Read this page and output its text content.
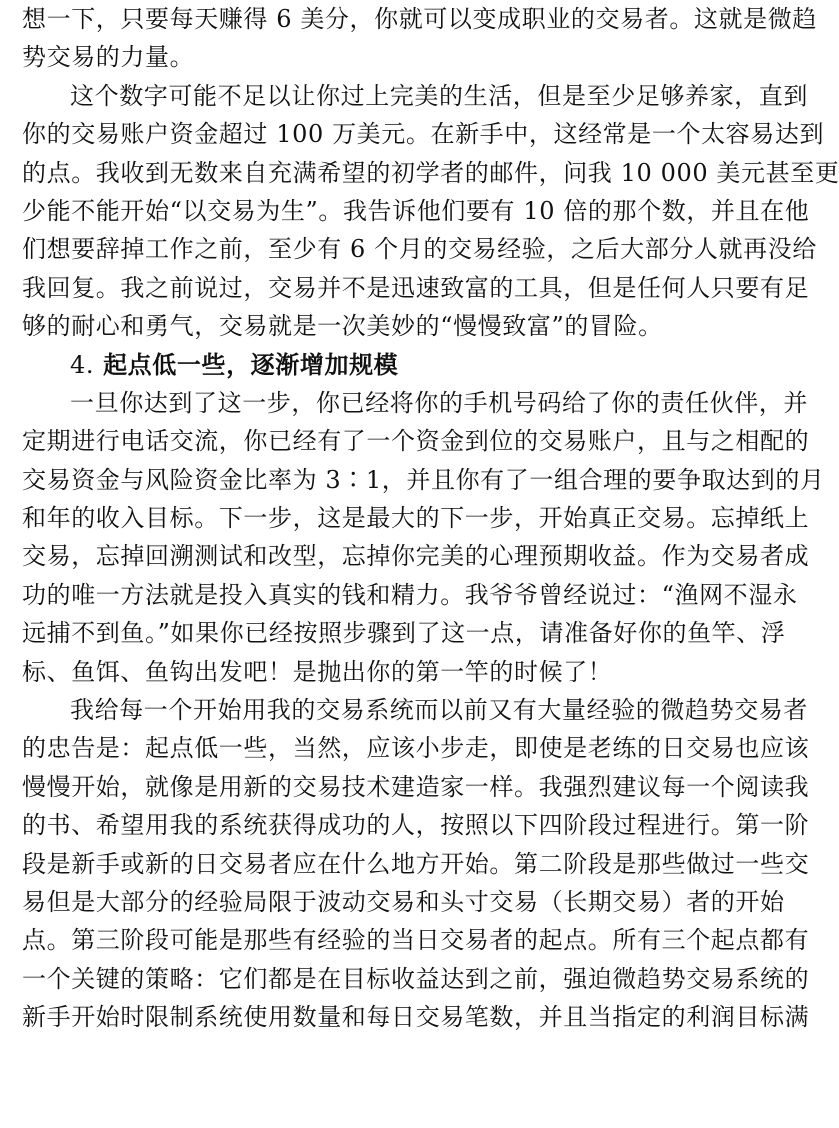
想一下，只要每天赚得 6 美分，你就可以变成职业的交易者。这就是微趋
势交易的力量。
这个数字可能不足以让你过上完美的生活，但是至少足够养家，直到
你的交易账户资金超过 100 万美元。在新手中，这经常是一个太容易达到
的点。我收到无数来自充满希望的初学者的邮件，问我 10 000 美元甚至更
少能不能开始“以交易为生”。我告诉他们要有 10 倍的那个数，并且在他
们想要辞掉工作之前，至少有 6 个月的交易经验，之后大部分人就再没给
我回复。我之前说过，交易并不是迅速致富的工具，但是任何人只要有足
够的耐心和勇气，交易就是一次美妙的“慢慢致富”的冒险。
4. 起点低一些，逐渐增加规模
一旦你达到了这一步，你已经将你的手机号码给了你的责任伙伴，并
定期进行电话交流，你已经有了一个资金到位的交易账户，且与之相配的
交易资金与风险资金比率为 3∶1，并且你有了一组合理的要争取达到的月
和年的收入目标。下一步，这是最大的下一步，开始真正交易。忘掉纸上
交易，忘掉回溯测试和改型，忘掉你完美的心理预期收益。作为交易者成
功的唯一方法就是投入真实的钱和精力。我爷爷曾经说过：“渔网不湿永
远捕不到鱼。”如果你已经按照步骤到了这一点，请准备好你的鱼竿、浮
标、鱼饵、鱼钩出发吧！是抛出你的第一竿的时候了！
我给每一个开始用我的交易系统而以前又有大量经验的微趋势交易者
的忠告是：起点低一些，当然，应该小步走，即使是老练的日交易也应该
慢慢开始，就像是用新的交易技术建造家一样。我强烈建议每一个阅读我
的书、希望用我的系统获得成功的人，按照以下四阶段过程进行。第一阶
段是新手或新的日交易者应在什么地方开始。第二阶段是那些做过一些交
易但是大部分的经验局限于波动交易和头寸交易（长期交易）者的开始
点。第三阶段可能是那些有经验的当日交易者的起点。所有三个起点都有
一个关键的策略：它们都是在目标收益达到之前，强迫微趋势交易系统的
新手开始时限制系统使用数量和每日交易笔数，并且当指定的利润目标满
